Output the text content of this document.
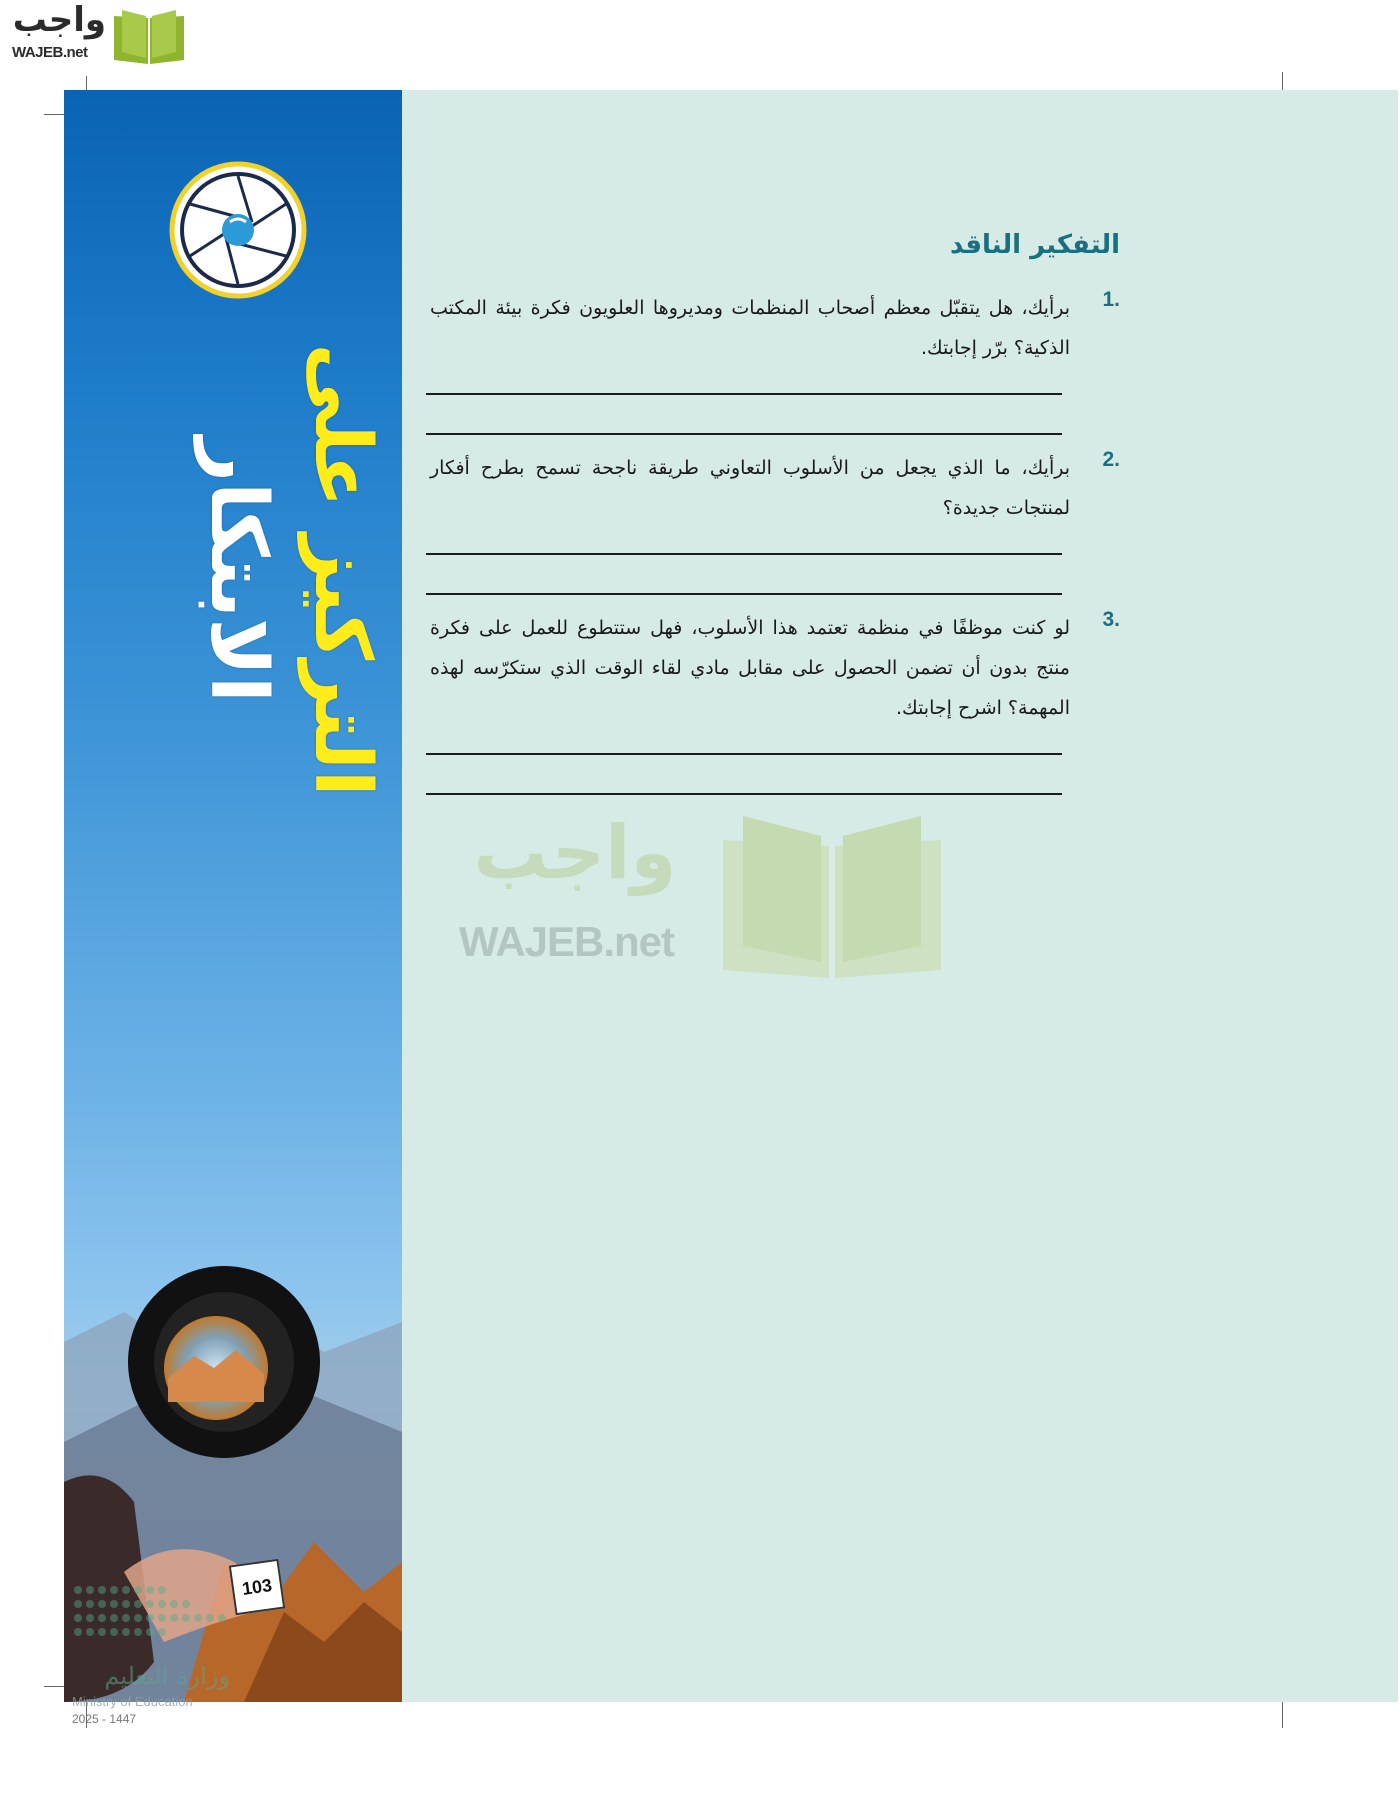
واجب
WAJEB.net
التركيز على
الابتكار
103
وزارة التعليم
Ministry of Education
2025 - 1447
التفكير الناقد
1.

برأيك، هل يتقبّل معظم أصحاب المنظمات ومديروها العلويون فكرة بيئة المكتب الذكية؟ برّر إجابتك.

2.

برأيك، ما الذي يجعل من الأسلوب التعاوني طريقة ناجحة تسمح بطرح أفكار لمنتجات جديدة؟

3.

لو كنت موظفًا في منظمة تعتمد هذا الأسلوب، فهل ستتطوع للعمل على فكرة منتج بدون أن تضمن الحصول على مقابل مادي لقاء الوقت الذي ستكرّسه لهذه المهمة؟ اشرح إجابتك.

واجب
WAJEB.net
